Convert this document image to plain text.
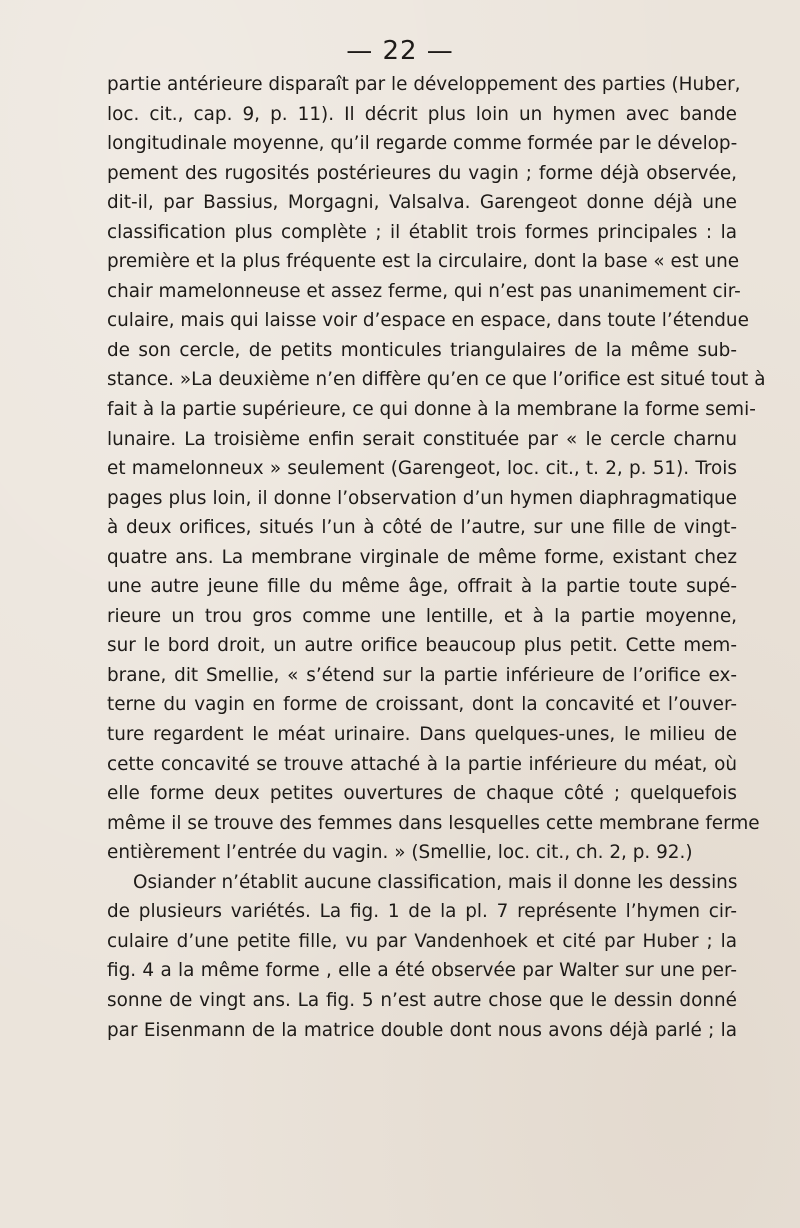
— 22 —
partie antérieure disparaît par le développement des parties (Huber,
loc. cit., cap. 9, p. 11). Il décrit plus loin un hymen avec bande
longitudinale moyenne, qu’il regarde comme formée par le dévelop-
pement des rugosités postérieures du vagin ; forme déjà observée,
dit-il, par Bassius, Morgagni, Valsalva. Garengeot donne déjà une
classification plus complète ; il établit trois formes principales : la
première et la plus fréquente est la circulaire, dont la base « est une
chair mamelonneuse et assez ferme, qui n’est pas unanimement cir-
culaire, mais qui laisse voir d’espace en espace, dans toute l’étendue
de son cercle, de petits monticules triangulaires de la même sub-
stance. »La deuxième n’en diffère qu’en ce que l’orifice est situé tout à
fait à la partie supérieure, ce qui donne à la membrane la forme semi-
lunaire. La troisième enfin serait constituée par « le cercle charnu
et mamelonneux » seulement (Garengeot, loc. cit., t. 2, p. 51). Trois
pages plus loin, il donne l’observation d’un hymen diaphragmatique
à deux orifices, situés l’un à côté de l’autre, sur une fille de vingt-
quatre ans. La membrane virginale de même forme, existant chez
une autre jeune fille du même âge, offrait à la partie toute supé-
rieure un trou gros comme une lentille, et à la partie moyenne,
sur le bord droit, un autre orifice beaucoup plus petit. Cette mem-
brane, dit Smellie, « s’étend sur la partie inférieure de l’orifice ex-
terne du vagin en forme de croissant, dont la concavité et l’ouver-
ture regardent le méat urinaire. Dans quelques-unes, le milieu de
cette concavité se trouve attaché à la partie inférieure du méat, où
elle forme deux petites ouvertures de chaque côté ; quelquefois
même il se trouve des femmes dans lesquelles cette membrane ferme
entièrement l’entrée du vagin. » (Smellie, loc. cit., ch. 2, p. 92.)
Osiander n’établit aucune classification, mais il donne les dessins
de plusieurs variétés. La fig. 1 de la pl. 7 représente l’hymen cir-
culaire d’une petite fille, vu par Vandenhoek et cité par Huber ; la
fig. 4 a la même forme , elle a été observée par Walter sur une per-
sonne de vingt ans. La fig. 5 n’est autre chose que le dessin donné
par Eisenmann de la matrice double dont nous avons déjà parlé ; la
